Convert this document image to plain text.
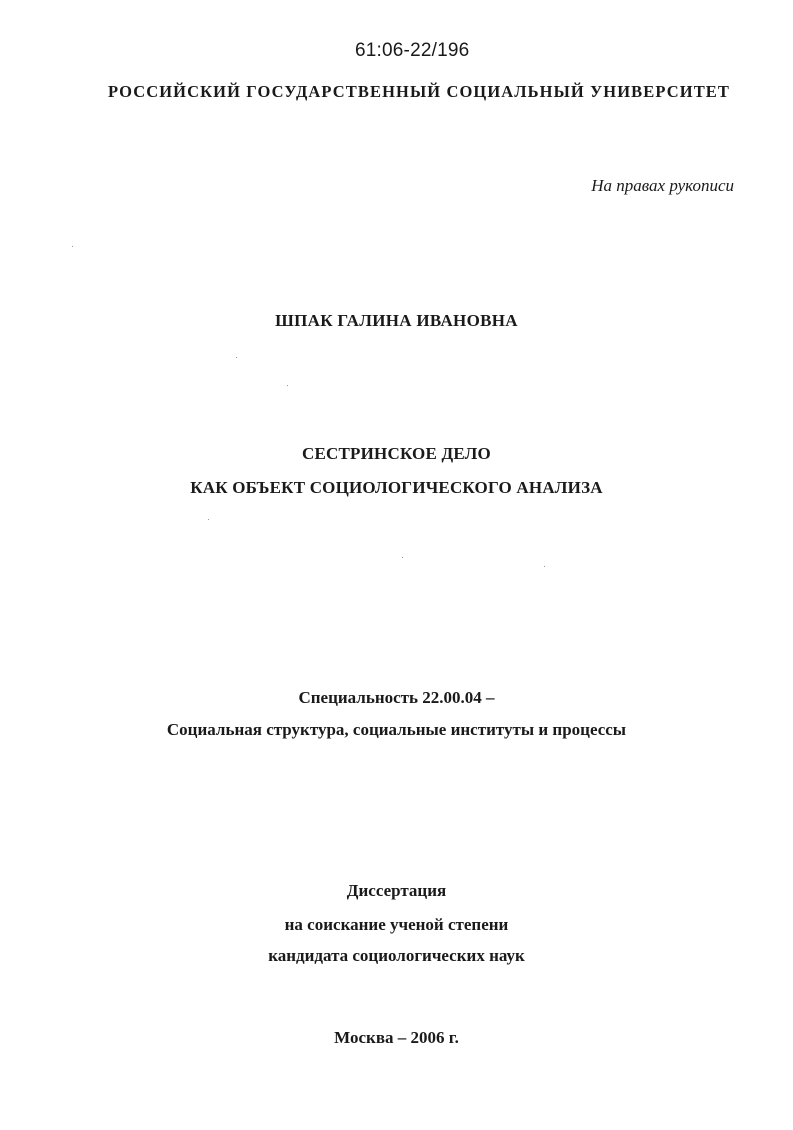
61:06-22/196
РОССИЙСКИЙ ГОСУДАРСТВЕННЫЙ СОЦИАЛЬНЫЙ УНИВЕРСИТЕТ
На правах рукописи
ШПАК ГАЛИНА ИВАНОВНА
СЕСТРИНСКОЕ ДЕЛО
КАК ОБЪЕКТ СОЦИОЛОГИЧЕСКОГО АНАЛИЗА
Специальность 22.00.04 –
Социальная структура, социальные институты и процессы
Диссертация
на соискание ученой степени
кандидата социологических наук
Москва – 2006 г.
